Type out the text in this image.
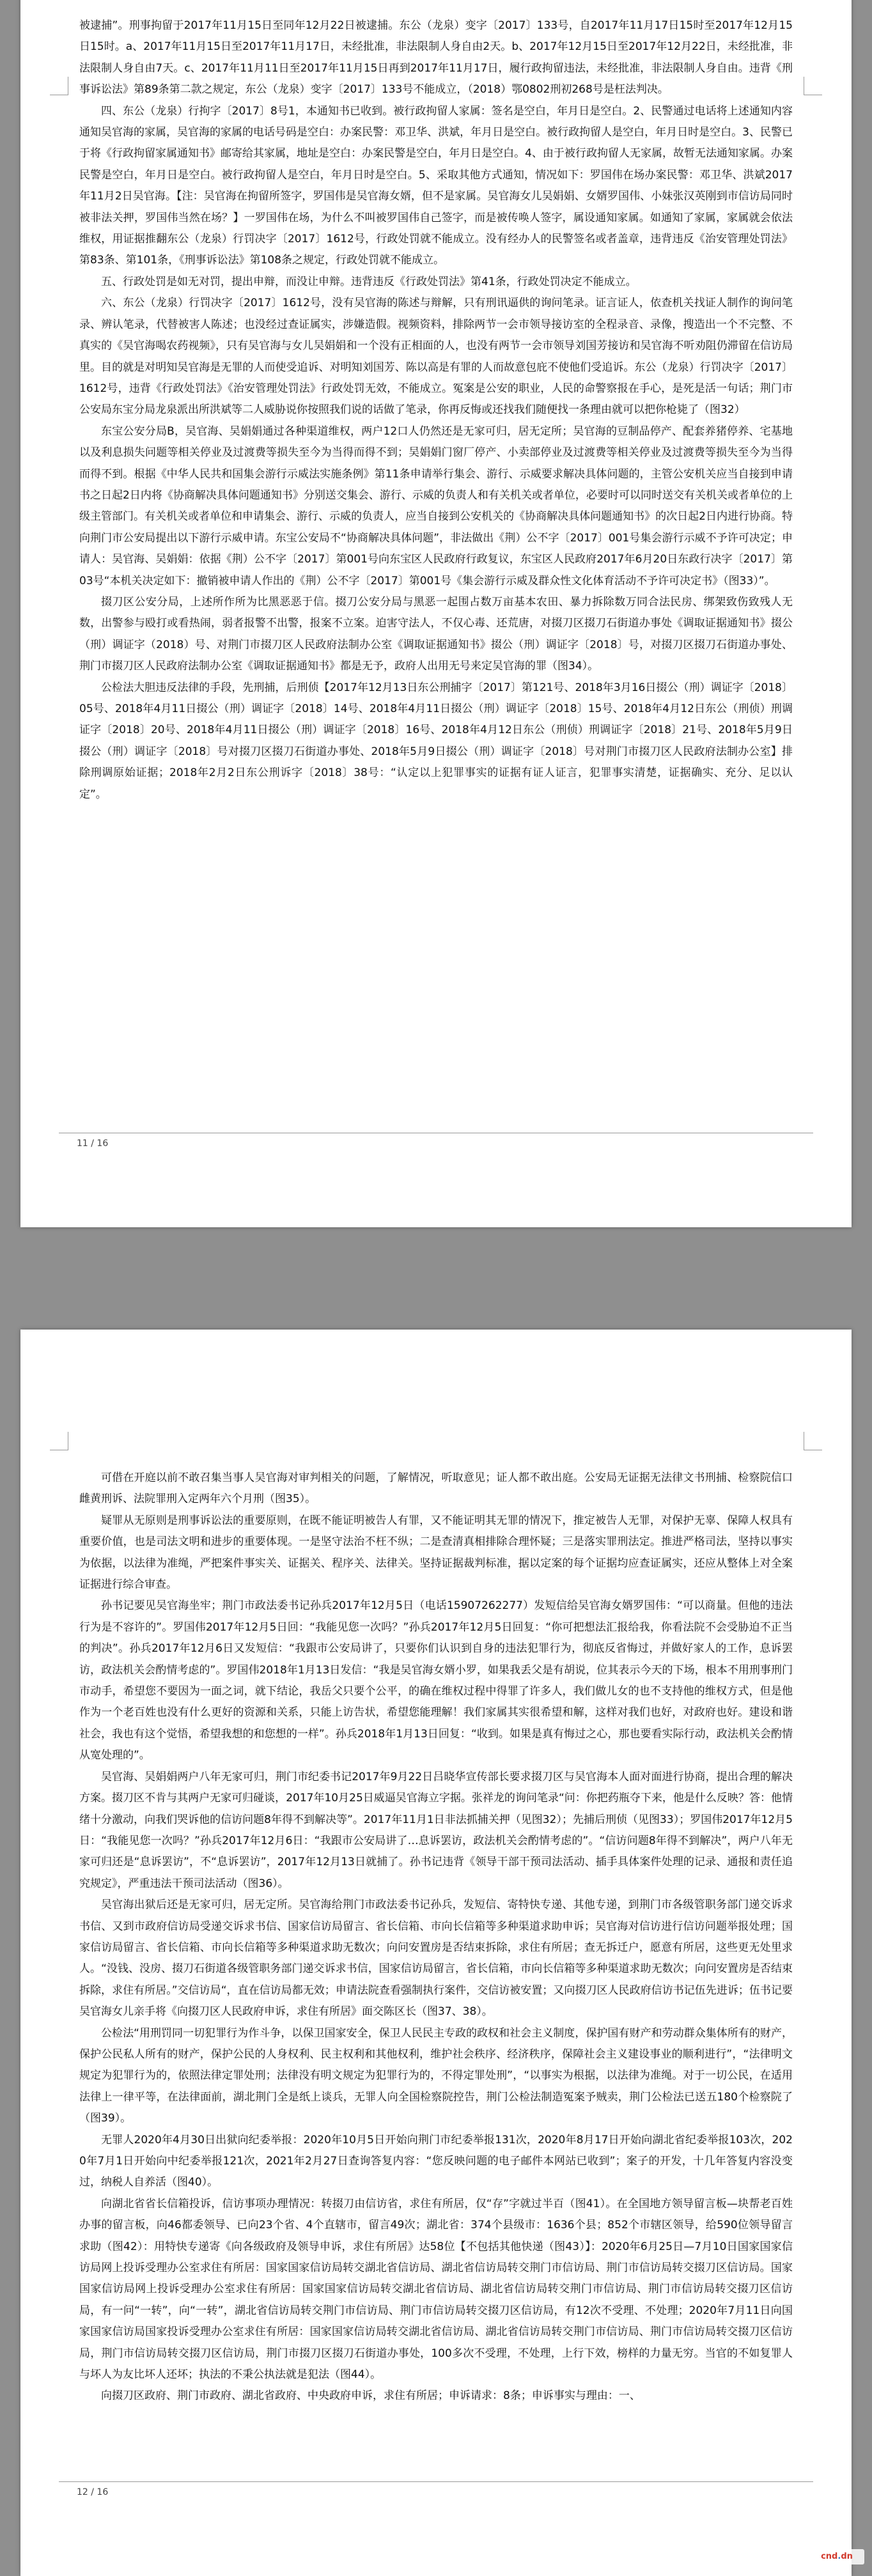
被逮捕”。刑事拘留于2017年11月15日至同年12月22日被逮捕。东公（龙泉）变字〔2017〕133号，自2017年11月17日15时至2017年12月15日15时。a、2017年11月15日至2017年11月17日，未经批准，非法限制人身自由2天。b、2017年12月15日至2017年12月22日，未经批准，非法限制人身自由7天。c、2017年11月11日至2017年11月15日再到2017年11月17日，履行政拘留违法，未经批准，非法限制人身自由。违背《刑事诉讼法》第89条第二款之规定，东公（龙泉）变字〔2017〕133号不能成立，（2018）鄂0802刑初268号是枉法判决。

四、东公（龙泉）行拘字〔2017〕8号1，本通知书已收到。被行政拘留人家属：签名是空白，年月日是空白。2、民警通过电话将上述通知内容通知吴官海的家属，吴官海的家属的电话号码是空白：办案民警：邓卫华、洪斌，年月日是空白。被行政拘留人是空白，年月日时是空白。3、民警已于将《行政拘留家属通知书》邮寄给其家属，地址是空白：办案民警是空白，年月日是空白。4、由于被行政拘留人无家属，故暂无法通知家属。办案民警是空白，年月日是空白。被行政拘留人是空白，年月日时是空白。5、采取其他方式通知，情况如下：罗国伟在场办案民警：邓卫华、洪斌2017年11月2日吴官海。【注：吴官海在拘留所签字，罗国伟是吴官海女婿，但不是家属。吴官海女儿吴娟娟、女婿罗国伟、小妹张汉英刚到市信访局同时被非法关押，罗国伟当然在场？】一罗国伟在场，为什么不叫被罗国伟自己签字，而是被传唤人签字，属设通知家属。如通知了家属，家属就会依法维权，用证据推翻东公（龙泉）行罚决字〔2017〕1612号，行政处罚就不能成立。没有经办人的民警签名或者盖章，违背违反《治安管理处罚法》第83条、第101条，《刑事诉讼法》第108条之规定，行政处罚就不能成立。

五、行政处罚是如无对罚，提出申辩，而没让申辩。违背违反《行政处罚法》第41条，行政处罚决定不能成立。

六、东公（龙泉）行罚决字〔2017〕1612号，没有吴官海的陈述与辩解，只有刑讯逼供的询问笔录。证言证人，依查机关找证人制作的询问笔录、辨认笔录，代替被害人陈述；也没经过查证属实，涉嫌造假。视频资料，排除两节一会市领导接访室的全程录音、录像，搜造出一个不完整、不真实的《吴官海喝农药视频》，只有吴官海与女儿吴娟娟和一个没有正相面的人，也没有两节一会市领导刘国芳接访和吴官海不听劝阻仍滞留在信访局里。目的就是对明知吴官海是无罪的人而使受追诉、对明知刘国芳、陈以高是有罪的人而故意包庇不使他们受追诉。东公（龙泉）行罚决字〔2017〕1612号，违背《行政处罚法》《治安管理处罚法》行政处罚无效，不能成立。冤案是公安的职业，人民的命警察报在手心，是死是活一句话；荆门市公安局东宝分局龙泉派出所洪斌等二人威胁说你按照我们说的话做了笔录，你再反悔或还找我们随便找一条理由就可以把你枪毙了（图32）

东宝公安分局B，吴官海、吴娟娟通过各种渠道维权，两户12口人仍然还是无家可归，居无定所；吴官海的豆制品停产、配套养猪停养、宅基地以及利息损失问题等相关停业及过渡费等损失至今为当得而得不到；吴娟娟门窗厂停产、小卖部停业及过渡费等相关停业及过渡费等损失至今为当得而得不到。根据《中华人民共和国集会游行示威法实施条例》第11条申请举行集会、游行、示威要求解决具体问题的，主管公安机关应当自接到申请书之日起2日内将《协商解决具体问题通知书》分别送交集会、游行、示威的负责人和有关机关或者单位，必要时可以同时送交有关机关或者单位的上级主管部门。有关机关或者单位和申请集会、游行、示威的负责人，应当自接到公安机关的《协商解决具体问题通知书》的次日起2日内进行协商。特向荆门市公安局提出以下游行示威申请。东宝公安局不“协商解决具体问题”，非法做出《荆）公不字〔2017〕001号集会游行示威不予许可决定；申请人：吴官海、吴娟娟：依据《荆）公不字〔2017〕第001号向东宝区人民政府行政复议，东宝区人民政府2017年6月20日东政行决字〔2017〕第03号“本机关决定如下：撤销被申请人作出的《荆）公不字〔2017〕第001号《集会游行示威及群众性文化体育活动不予许可决定书》（图33）”。

掇刀区公安分局，上述所作所为比黑恶恶于信。掇刀公安分局与黑恶一起围占数万亩基本农田、暴力拆除数万同合法民房、绑架致伤致残人无数，出警参与殴打或看热闹，弱者报警不出警，报案不立案。迫害守法人，不仅心毒、还荒唐，对掇刀区掇刀石街道办事处《调取证据通知书》掇公（刑）调证字（2018）号、对荆门市掇刀区人民政府法制办公室《调取证据通知书》掇公（刑）调证字〔2018〕号，对掇刀区掇刀石街道办事处、荆门市掇刀区人民政府法制办公室《调取证据通知书》都是无予，政府人出用无号来定吴官海的罪（图34）。

公检法大胆违反法律的手段，先刑捕，后刑侦【2017年12月13日东公刑捕字〔2017〕第121号、2018年3月16日掇公（刑）调证字〔2018〕05号、2018年4月11日掇公（刑）调证字〔2018〕14号、2018年4月11日掇公（刑）调证字〔2018〕15号、2018年4月12日东公（刑侦）刑调证字〔2018〕20号、2018年4月11日掇公（刑）调证字〔2018〕16号、2018年4月12日东公（刑侦）刑调证字〔2018〕21号、2018年5月9日掇公（刑）调证字〔2018〕号对掇刀区掇刀石街道办事处、2018年5月9日掇公（刑）调证字〔2018〕号对荆门市掇刀区人民政府法制办公室】排除刑调原始证据；2018年2月2日东公刑诉字〔2018〕38号：“认定以上犯罪事实的证据有证人证言，犯罪事实清楚，证据确实、充分、足以认定”。

11 / 16

可借在开庭以前不敢召集当事人吴官海对审判相关的问题，了解情况，听取意见；证人都不敢出庭。公安局无证据无法律文书刑捕、检察院信口雌黄刑诉、法院罪刑入定两年六个月刑（图35）。

疑罪从无原则是刑事诉讼法的重要原则，在既不能证明被告人有罪，又不能证明其无罪的情况下，推定被告人无罪，对保护无辜、保障人权具有重要价值，也是司法文明和进步的重要体现。一是坚守法治不枉不纵；二是查清真相排除合理怀疑；三是落实罪刑法定。推进严格司法，坚持以事实为依据，以法律为准绳，严把案件事实关、证据关、程序关、法律关。坚持证据裁判标准，据以定案的每个证据均应查证属实，还应从整体上对全案证据进行综合审查。

孙书记要见吴官海坐牢；荆门市政法委书记孙兵2017年12月5日（电话15907262277）发短信给吴官海女婿罗国伟：“可以商量。但他的违法行为是不容许的”。罗国伟2017年12月5日回：“我能见您一次吗？”孙兵2017年12月5日回复：“你可把想法汇报给我，你看法院不会受胁迫不正当的判决”。孙兵2017年12月6日又发短信：“我跟市公安局讲了，只要你们认识到自身的违法犯罪行为，彻底反省悔过，并做好家人的工作，息诉罢访，政法机关会酌情考虑的”。罗国伟2018年1月13日发信：“我是吴官海女婿小罗，如果我丢父是有胡说，位其表示今天的下场，根本不用刑事刑门市动手，希望您不要因为一面之词，就下结论，我岳父只要个公平，的确在维权过程中得罪了许多人，我们做儿女的也不支持他的维权方式，但是他作为一个老百姓也没有什么更好的资源和关系，只能上访告状，希望您能理解！我们家属其实很希望和解，这样对我们也好，对政府也好。建设和谐社会，我也有这个觉悟，希望我想的和您想的一样”。孙兵2018年1月13日回复：“收到。如果是真有悔过之心，那也要看实际行动，政法机关会酌情从宽处理的”。

吴官海、吴娟娟两户八年无家可归，荆门市纪委书记2017年9月22日吕晓华宣传部长要求掇刀区与吴官海本人面对面进行协商，提出合理的解决方案。掇刀区不肯与其两户无家可归碰谈，2017年10月25日威逼吴官海立字据。张祥龙的询问笔录“问：你把药瓶夺下来，他是什么反映？答：他情绪十分激动，向我们哭诉他的信访问题8年得不到解决等”。2017年11月1日非法抓捕关押（见图32）；先捕后刑侦（见图33）；罗国伟2017年12月5日：“我能见您一次吗？”孙兵2017年12月6日：“我跟市公安局讲了…息诉罢访，政法机关会酌情考虑的”。“信访问题8年得不到解决”，两户八年无家可归还是“息诉罢访”，不“息诉罢访”，2017年12月13日就捕了。孙书记违背《领导干部干预司法活动、插手具体案件处理的记录、通报和责任追究规定》，严重违法干预司法活动（图36）。

吴官海出狱后还是无家可归，居无定所。吴官海给荆门市政法委书记孙兵，发短信、寄特快专递、其他专递，到荆门市各级管职务部门递交诉求书信、又到市政府信访局受递交诉求书信、国家信访局留言、省长信箱、市向长信箱等多种渠道求助申诉；吴官海对信访进行信访问题举报处理；国家信访局留言、省长信箱、市向长信箱等多种渠道求助无数次；向问安置房是否结束拆除，求住有所居；查无拆迁户，愿意有所居，这些更无处里求人。“没钱、没房、掇刀石街道各级管职务部门递交诉求书信，国家信访局留言，省长信箱，市向长信箱等多种渠道求助无数次；向问安置房是否结束拆除，求住有所居。”交信访局“，直在信访局都无效；申请法院查看强制执行案件，交信访被安置；又向掇刀区人民政府信访书记伍先进诉；伍书记要吴官海女儿亲手将《向掇刀区人民政府申诉，求住有所居》面交陈区长（图37、38）。

公检法“用刑罚同一切犯罪行为作斗争，以保卫国家安全，保卫人民民主专政的政权和社会主义制度，保护国有财产和劳动群众集体所有的财产，保护公民私人所有的财产，保护公民的人身权利、民主权利和其他权利，维护社会秩序、经济秩序，保障社会主义建设事业的顺利进行”，“法律明文规定为犯罪行为的，依照法律定罪处刑；法律没有明文规定为犯罪行为的，不得定罪处刑”，“以事实为根据，以法律为准绳。对于一切公民，在适用法律上一律平等，在法律面前，湖北荆门全是纸上谈兵，无罪人向全国检察院控告，荆门公检法制造冤案予贼卖，荆门公检法已送五180个检察院了（图39）。

无罪人2020年4月30日出狱向纪委举报：2020年10月5日开始向荆门市纪委举报131次，2020年8月17日开始向湖北省纪委举报103次，2020年7月1日开始向中纪委举报121次，2021年2月27日查询答复内容：“您反映问题的电子邮件本网站已收到”；案子的开发，十几年答复内容没变过，纳税人自养活（图40）。

向湖北省省长信箱投诉，信访事项办理情况：转掇刀由信访省，求住有所居，仅“存”字就过半百（图41）。在全国地方领导留言板—块帮老百姓办事的留言板，向46都委领导、已向23个省、4个直辖市，留言49次；湖北省：374个县级市：1636个县；852个市辖区领导，给590位领导留言求助（图42）：用特快专递寄《向各级政府及领导申诉，求住有所居》达58位【不包括其他快递（图43）】：2020年6月25日—7月10日国家国家信访局网上投诉受理办公室求住有所居：国家国家信访局转交湖北省信访局、湖北省信访局转交荆门市信访局、荆门市信访局转交掇刀区信访局。国家国家信访局网上投诉受理办公室求住有所居：国家国家信访局转交湖北省信访局、湖北省信访局转交荆门市信访局、荆门市信访局转交掇刀区信访局，有一问“一转”，向“一转”，湖北省信访局转交荆门市信访局、荆门市信访局转交掇刀区信访局，有12次不受理、不处理；2020年7月11日向国家国家信访局国家投诉受理办公室求住有所居：国家国家信访局转交湖北省信访局、湖北省信访局转交荆门市信访局、荆门市信访局转交掇刀区信访局，荆门市信访局转交掇刀区信访局，荆门市掇刀区掇刀石街道办事处，100多次不受理，不处理，上行下效，榜样的力量无穷。当官的不如复罪人与坏人为友比坏人还坏；执法的不秉公执法就是犯法（图44）。

向掇刀区政府、荆门市政府、湖北省政府、中央政府申诉，求住有所居；申诉请求：8条；申诉事实与理由：一、

12 / 16
cnd.dn
